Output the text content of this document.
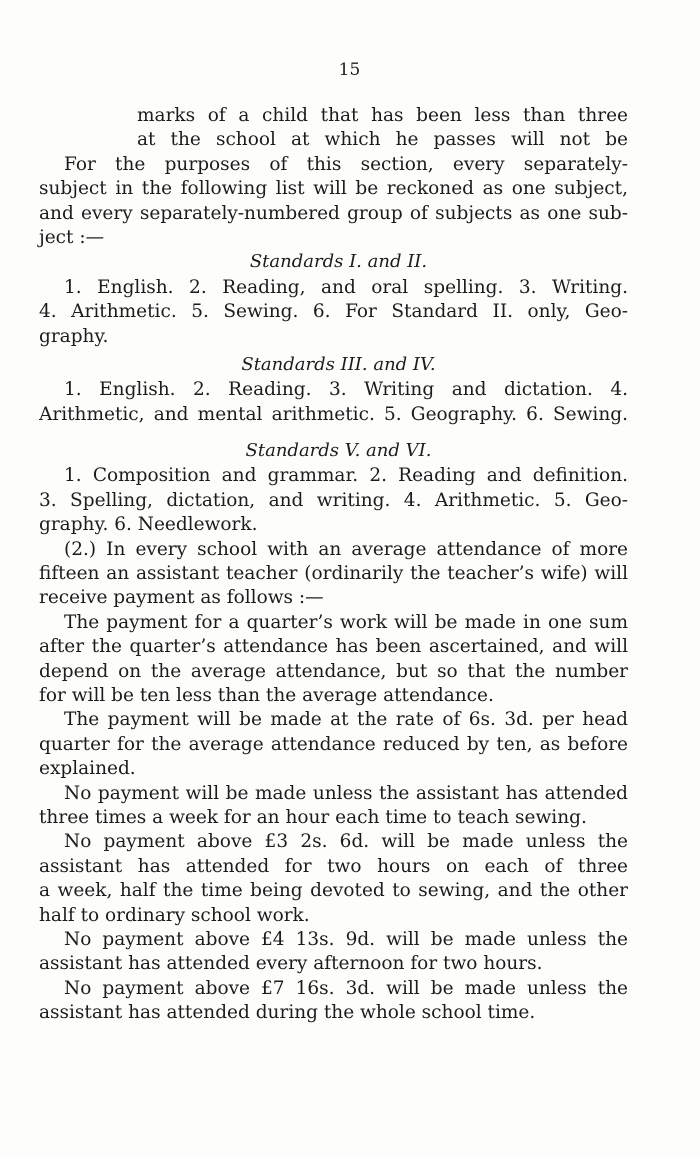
15
marks of a child that has been less than three
at the school at which he passes will not be
For the purposes of this section, every separately-
subject in the following list will be reckoned as one subject,
and every separately-numbered group of subjects as one sub-
ject :—
Standards I. and II.
1. English. 2. Reading, and oral spelling. 3. Writing.
4. Arithmetic. 5. Sewing. 6. For Standard II. only, Geo-
graphy.
Standards III. and IV.
1. English. 2. Reading. 3. Writing and dictation. 4.
Arithmetic, and mental arithmetic. 5. Geography. 6. Sewing.
Standards V. and VI.
1. Composition and grammar. 2. Reading and definition.
3. Spelling, dictation, and writing. 4. Arithmetic. 5. Geo-
graphy. 6. Needlework.
(2.) In every school with an average attendance of more
fifteen an assistant teacher (ordinarily the teacher’s wife) will
receive payment as follows :—
The payment for a quarter’s work will be made in one sum
after the quarter’s attendance has been ascertained, and will
depend on the average attendance, but so that the number
for will be ten less than the average attendance.
The payment will be made at the rate of 6s. 3d. per head
quarter for the average attendance reduced by ten, as before
explained.
No payment will be made unless the assistant has attended
three times a week for an hour each time to teach sewing.
No payment above £3 2s. 6d. will be made unless the
assistant has attended for two hours on each of three
a week, half the time being devoted to sewing, and the other
half to ordinary school work.
No payment above £4 13s. 9d. will be made unless the
assistant has attended every afternoon for two hours.
No payment above £7 16s. 3d. will be made unless the
assistant has attended during the whole school time.
